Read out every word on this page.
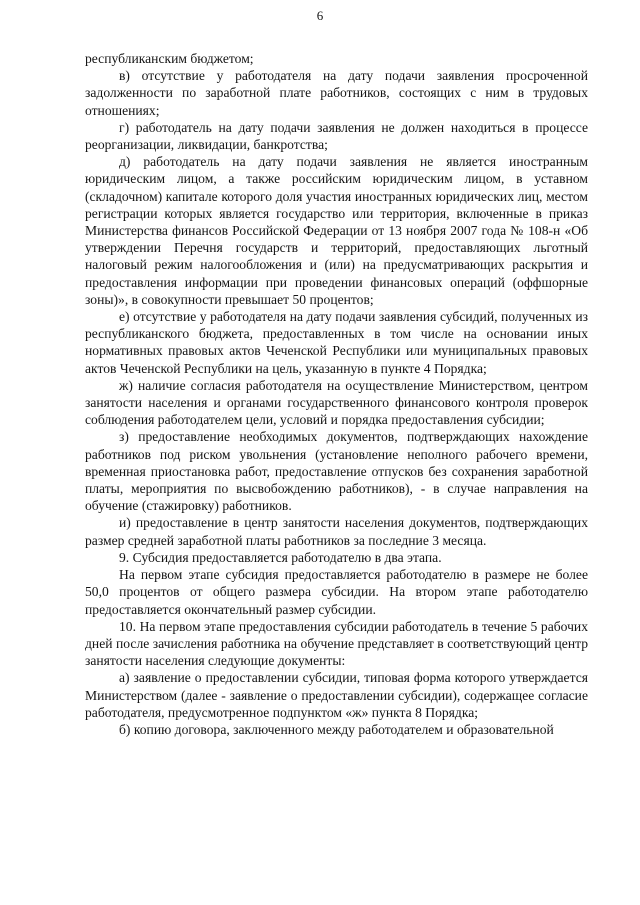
6

республиканским бюджетом;

в) отсутствие у работодателя на дату подачи заявления просроченной задолженности по заработной плате работников, состоящих с ним в трудовых отношениях;

г) работодатель на дату подачи заявления не должен находиться в процессе реорганизации, ликвидации, банкротства;

д) работодатель на дату подачи заявления не является иностранным юридическим лицом, а также российским юридическим лицом, в уставном (складочном) капитале которого доля участия иностранных юридических лиц, местом регистрации которых является государство или территория, включенные в приказ Министерства финансов Российской Федерации от 13 ноября 2007 года № 108-н «Об утверждении Перечня государств и территорий, предоставляющих льготный налоговый режим налогообложения и (или) на предусматривающих раскрытия и предоставления информации при проведении финансовых операций (оффшорные зоны)», в совокупности превышает 50 процентов;

е) отсутствие у работодателя на дату подачи заявления субсидий, полученных из республиканского бюджета, предоставленных в том числе на основании иных нормативных правовых актов Чеченской Республики или муниципальных правовых актов Чеченской Республики на цель, указанную в пункте 4 Порядка;

ж) наличие согласия работодателя на осуществление Министерством, центром занятости населения и органами государственного финансового контроля проверок соблюдения работодателем цели, условий и порядка предоставления субсидии;

з) предоставление необходимых документов, подтверждающих нахождение работников под риском увольнения (установление неполного рабочего времени, временная приостановка работ, предоставление отпусков без сохранения заработной платы, мероприятия по высвобождению работников), - в случае направления на обучение (стажировку) работников.

и) предоставление в центр занятости населения документов, подтверждающих размер средней заработной платы работников за последние 3 месяца.

9. Субсидия предоставляется работодателю в два этапа.

На первом этапе субсидия предоставляется работодателю в размере не более 50,0 процентов от общего размера субсидии. На втором этапе работодателю предоставляется окончательный размер субсидии.

10. На первом этапе предоставления субсидии работодатель в течение 5 рабочих дней после зачисления работника на обучение представляет в соответствующий центр занятости населения следующие документы:

а) заявление о предоставлении субсидии, типовая форма которого утверждается Министерством (далее - заявление о предоставлении субсидии), содержащее согласие работодателя, предусмотренное подпунктом «ж» пункта 8 Порядка;

б) копию договора, заключенного между работодателем и образовательной
